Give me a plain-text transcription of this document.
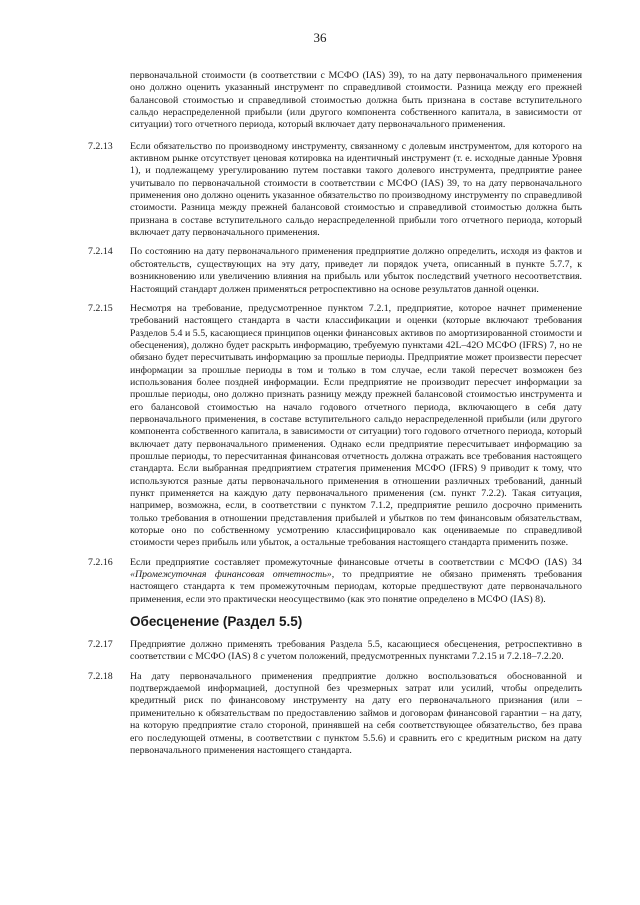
36

первоначальной стоимости (в соответствии с МСФО (IAS) 39), то на дату первоначального применения оно должно оценить указанный инструмент по справедливой стоимости. Разница между его прежней балансовой стоимостью и справедливой стоимостью должна быть признана в составе вступительного сальдо нераспределенной прибыли (или другого компонента собственного капитала, в зависимости от ситуации) того отчетного периода, который включает дату первоначального применения.

7.2.13	Если обязательство по производному инструменту, связанному с долевым инструментом, для которого на активном рынке отсутствует ценовая котировка на идентичный инструмент (т. е. исходные данные Уровня 1), и подлежащему урегулированию путем поставки такого долевого инструмента, предприятие ранее учитывало по первоначальной стоимости в соответствии с МСФО (IAS) 39, то на дату первоначального применения оно должно оценить указанное обязательство по производному инструменту по справедливой стоимости. Разница между прежней балансовой стоимостью и справедливой стоимостью должна быть признана в составе вступительного сальдо нераспределенной прибыли того отчетного периода, который включает дату первоначального применения.
7.2.14	По состоянию на дату первоначального применения предприятие должно определить, исходя из фактов и обстоятельств, существующих на эту дату, приведет ли порядок учета, описанный в пункте 5.7.7, к возникновению или увеличению влияния на прибыль или убыток последствий учетного несоответствия. Настоящий стандарт должен применяться ретроспективно на основе результатов данной оценки.
7.2.15	Несмотря на требование, предусмотренное пунктом 7.2.1, предприятие, которое начнет применение требований настоящего стандарта в части классификации и оценки (которые включают требования Разделов 5.4 и 5.5, касающиеся принципов оценки финансовых активов по амортизированной стоимости и обесценения), должно будет раскрыть информацию, требуемую пунктами 42L–42O МСФО (IFRS) 7, но не обязано будет пересчитывать информацию за прошлые периоды. Предприятие может произвести пересчет информации за прошлые периоды в том и только в том случае, если такой пересчет возможен без использования более поздней информации. Если предприятие не производит пересчет информации за прошлые периоды, оно должно признать разницу между прежней балансовой стоимостью инструмента и его балансовой стоимостью на начало годового отчетного периода, включающего в себя дату первоначального применения, в составе вступительного сальдо нераспределенной прибыли (или другого компонента собственного капитала, в зависимости от ситуации) того годового отчетного периода, который включает дату первоначального применения. Однако если предприятие пересчитывает информацию за прошлые периоды, то пересчитанная финансовая отчетность должна отражать все требования настоящего стандарта. Если выбранная предприятием стратегия применения МСФО (IFRS) 9 приводит к тому, что используются разные даты первоначального применения в отношении различных требований, данный пункт применяется на каждую дату первоначального применения (см. пункт 7.2.2). Такая ситуация, например, возможна, если, в соответствии с пунктом 7.1.2, предприятие решило досрочно применить только требования в отношении представления прибылей и убытков по тем финансовым обязательствам, которые оно по собственному усмотрению классифицировало как оцениваемые по справедливой стоимости через прибыль или убыток, а остальные требования настоящего стандарта применить позже.
7.2.16	Если предприятие составляет промежуточные финансовые отчеты в соответствии с МСФО (IAS) 34 «Промежуточная финансовая отчетность», то предприятие не обязано применять требования настоящего стандарта к тем промежуточным периодам, которые предшествуют дате первоначального применения, если это практически неосуществимо (как это понятие определено в МСФО (IAS) 8).
Обесценение (Раздел 5.5)
7.2.17	Предприятие должно применять требования Раздела 5.5, касающиеся обесценения, ретроспективно в соответствии с МСФО (IAS) 8 с учетом положений, предусмотренных пунктами 7.2.15 и 7.2.18–7.2.20.
7.2.18	На дату первоначального применения предприятие должно воспользоваться обоснованной и подтверждаемой информацией, доступной без чрезмерных затрат или усилий, чтобы определить кредитный риск по финансовому инструменту на дату его первоначального признания (или – применительно к обязательствам по предоставлению займов и договорам финансовой гарантии – на дату, на которую предприятие стало стороной, принявшей на себя соответствующее обязательство, без права его последующей отмены, в соответствии с пунктом 5.5.6) и сравнить его с кредитным риском на дату первоначального применения настоящего стандарта.
